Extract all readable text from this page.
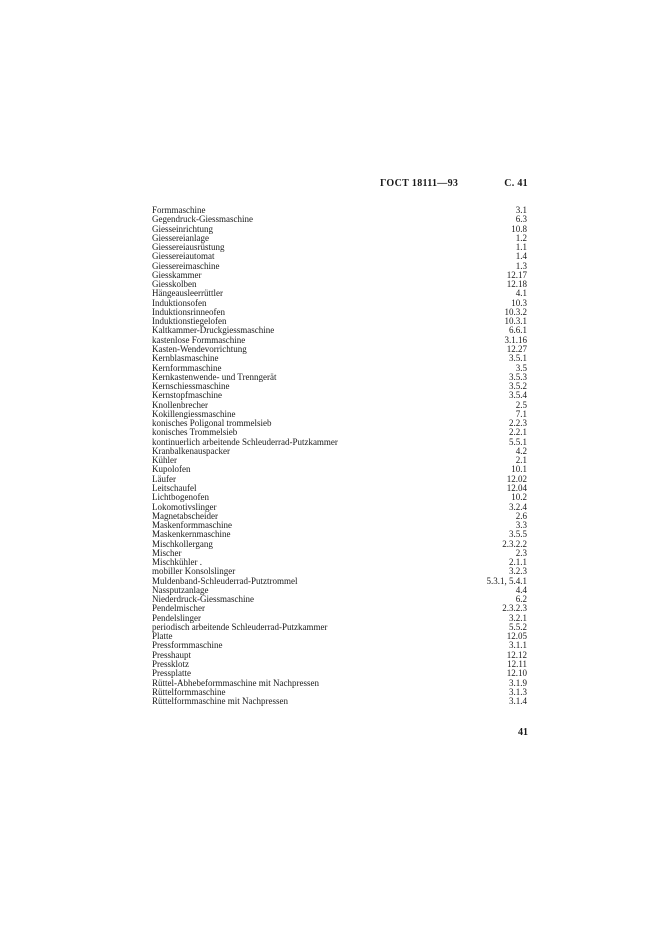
ГОСТ 18111—93	С. 41
Formmaschine	3.1
Gegendruck-Giessmaschine	6.3
Giesseinrichtung	10.8
Giessereianlage	1.2
Giessereiausrüstung	1.1
Giessereiautomat	1.4
Giessereimaschine	1.3
Giesskammer	12.17
Giesskolben	12.18
Hängeausleerrüttler	4.1
Induktionsofen	10.3
Induktionsrinneofen	10.3.2
Induktionstiegelofen	10.3.1
Kaltkammer-Druckgiessmaschine	6.6.1
kastenlose Formmaschine	3.1.16
Kasten-Wendevorrichtung	12.27
Kernblasmaschine	3.5.1
Kernformmaschine	3.5
Kernkastenwende- und Trenngerät	3.5.3
Kernschiessmaschine	3.5.2
Kernstopfmaschine	3.5.4
Knollenbrecher	2.5
Kokillengiessmaschine	7.1
konisches Poligonal trommelsieb	2.2.3
konisches Trommelsieb	2.2.1
kontinuerlich arbeitende Schleuderrad-Putzkammer	5.5.1
Kranbalkenauspacker	4.2
Kühler	2.1
Kupolofen	10.1
Läufer	12.02
Leitschaufel	12.04
Lichtbogenofen	10.2
Lokomotivslinger	3.2.4
Magnetabscheider	2.6
Maskenformmaschine	3.3
Maskenkernmaschine	3.5.5
Mischkollergang	2.3.2.2
Mischer	2.3
Mischkühler .	2.1.1
mobiller Konsolslinger	3.2.3
Muldenband-Schleuderrad-Putztrommel	5.3.1, 5.4.1
Nassputzanlage	4.4
Niederdruck-Giessmaschine	6.2
Pendelmischer	2.3.2.3
Pendelslinger	3.2.1
periodisch arbeitende Schleuderrad-Putzkammer	5.5.2
Platte	12.05
Pressformmaschine	3.1.1
Presshaupt	12.12
Pressklotz	12.11
Pressplatte	12.10
Rüttel-Abhebeformmaschine mit Nachpressen	3.1.9
Rüttelformmaschine	3.1.3
Rüttelformmaschine mit Nachpressen	3.1.4
41
